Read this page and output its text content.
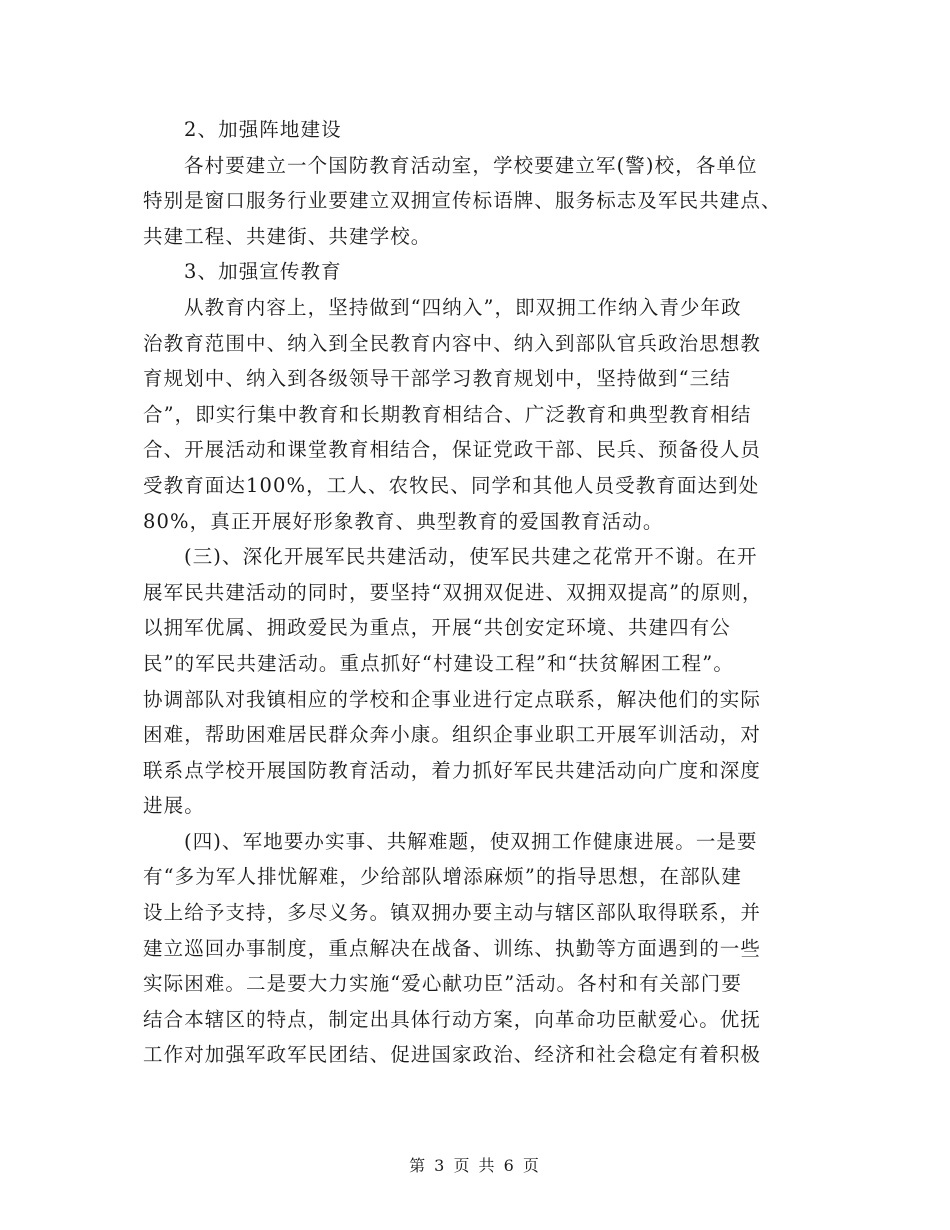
2、加强阵地建设
各村要建立一个国防教育活动室，学校要建立军(警)校，各单位
特别是窗口服务行业要建立双拥宣传标语牌、服务标志及军民共建点、
共建工程、共建街、共建学校。
3、加强宣传教育
从教育内容上，坚持做到“四纳入”，即双拥工作纳入青少年政
治教育范围中、纳入到全民教育内容中、纳入到部队官兵政治思想教
育规划中、纳入到各级领导干部学习教育规划中，坚持做到“三结
合”，即实行集中教育和长期教育相结合、广泛教育和典型教育相结
合、开展活动和课堂教育相结合，保证党政干部、民兵、预备役人员
受教育面达100%，工人、农牧民、同学和其他人员受教育面达到处
80%，真正开展好形象教育、典型教育的爱国教育活动。
(三)、深化开展军民共建活动，使军民共建之花常开不谢。在开
展军民共建活动的同时，要坚持“双拥双促进、双拥双提高”的原则，
以拥军优属、拥政爱民为重点，开展“共创安定环境、共建四有公
民”的军民共建活动。重点抓好“村建设工程”和“扶贫解困工程”。
协调部队对我镇相应的学校和企事业进行定点联系，解决他们的实际
困难，帮助困难居民群众奔小康。组织企事业职工开展军训活动，对
联系点学校开展国防教育活动，着力抓好军民共建活动向广度和深度
进展。
(四)、军地要办实事、共解难题，使双拥工作健康进展。一是要
有“多为军人排忧解难，少给部队增添麻烦”的指导思想，在部队建
设上给予支持，多尽义务。镇双拥办要主动与辖区部队取得联系，并
建立巡回办事制度，重点解决在战备、训练、执勤等方面遇到的一些
实际困难。二是要大力实施“爱心献功臣”活动。各村和有关部门要
结合本辖区的特点，制定出具体行动方案，向革命功臣献爱心。优抚
工作对加强军政军民团结、促进国家政治、经济和社会稳定有着积极
第 3 页 共 6 页
